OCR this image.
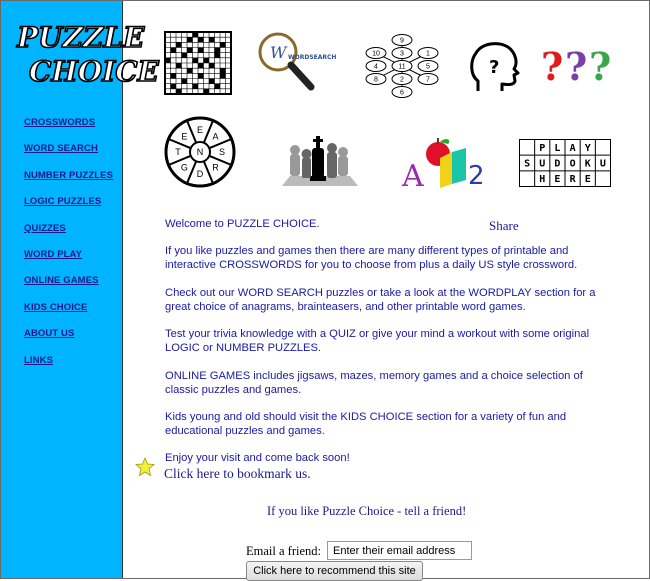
PUZZLE
CHOICE
CROSSWORDS
WORD SEARCH
NUMBER PUZZLES
LOGIC PUZZLES
QUIZZES
WORD PLAY
ONLINE GAMES
KIDS CHOICE
ABOUT US
LINKS
W WORDSEARCH
9
10	3	1
4	11	5
8	2	7
6
? ? ? ?
E
A
S
R
D
G
T
E
N
A 2
P L A Y
S U D O K U
H E R E

Welcome to PUZZLE CHOICE.

If you like puzzles and games then there are many different types of printable and interactive CROSSWORDS for you to choose from plus a daily US style crossword.

Check out our WORD SEARCH puzzles or take a look at the WORDPLAY section for a great choice of anagrams, brainteasers, and other printable word games.

Test your trivia knowledge with a QUIZ or give your mind a workout with some original LOGIC or NUMBER PUZZLES.

ONLINE GAMES includes jigsaws, mazes, memory games and a choice selection of classic puzzles and games.

Kids young and old should visit the KIDS CHOICE section for a variety of fun and educational puzzles and games.

Enjoy your visit and come back soon!

Share
Click here to bookmark us.
If you like Puzzle Choice - tell a friend!
Email a friend:
Enter their email address
Click here to recommend this site
